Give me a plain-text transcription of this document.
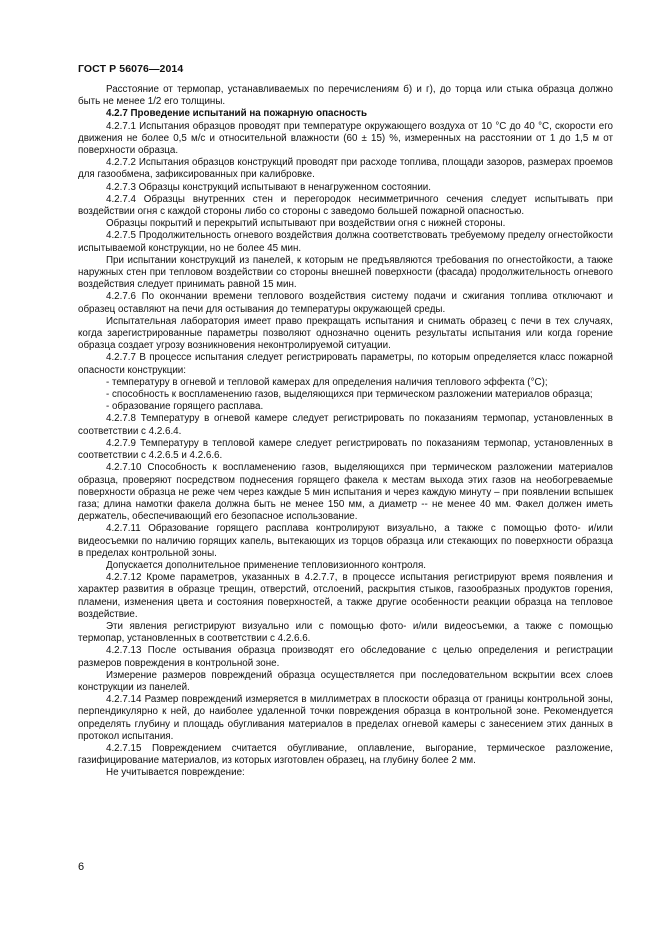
ГОСТ Р 56076—2014

Расстояние от термопар, устанавливаемых по перечислениям б) и г), до торца или стыка образца должно быть не менее 1/2 его толщины.

4.2.7 Проведение испытаний на пожарную опасность

4.2.7.1 Испытания образцов проводят при температуре окружающего воздуха от 10 °С до 40 °С, скорости его движения не более 0,5 м/с и относительной влажности (60 ± 15) %, измеренных на расстоянии от 1 до 1,5 м от поверхности образца.

4.2.7.2 Испытания образцов конструкций проводят при расходе топлива, площади зазоров, размерах проемов для газообмена, зафиксированных при калибровке.

4.2.7.3 Образцы конструкций испытывают в ненагруженном состоянии.

4.2.7.4 Образцы внутренних стен и перегородок несимметричного сечения следует испытывать при воздействии огня с каждой стороны либо со стороны с заведомо большей пожарной опасностью.

Образцы покрытий и перекрытий испытывают при воздействии огня с нижней стороны.

4.2.7.5 Продолжительность огневого воздействия должна соответствовать требуемому пределу огнестойкости испытываемой конструкции, но не более 45 мин.

При испытании конструкций из панелей, к которым не предъявляются требования по огнестойкости, а также наружных стен при тепловом воздействии со стороны внешней поверхности (фасада) продолжительность огневого воздействия следует принимать равной 15 мин.

4.2.7.6 По окончании времени теплового воздействия систему подачи и сжигания топлива отключают и образец оставляют на печи для остывания до температуры окружающей среды.

Испытательная лаборатория имеет право прекращать испытания и снимать образец с печи в тех случаях, когда зарегистрированные параметры позволяют однозначно оценить результаты испытания или когда горение образца создает угрозу возникновения неконтролируемой ситуации.

4.2.7.7 В процессе испытания следует регистрировать параметры, по которым определяется класс пожарной опасности конструкции:

- температуру в огневой и тепловой камерах для определения наличия теплового эффекта (°С);

- способность к воспламенению газов, выделяющихся при термическом разложении материалов образца;

- образование горящего расплава.

4.2.7.8 Температуру в огневой камере следует регистрировать по показаниям термопар, установленных в соответствии с 4.2.6.4.

4.2.7.9 Температуру в тепловой камере следует регистрировать по показаниям термопар, установленных в соответствии с 4.2.6.5 и 4.2.6.6.

4.2.7.10 Способность к воспламенению газов, выделяющихся при термическом разложении материалов образца, проверяют посредством поднесения горящего факела к местам выхода этих газов на необогреваемые поверхности образца не реже чем через каждые 5 мин испытания и через каждую минуту – при появлении вспышек газа; длина намотки факела должна быть не менее 150 мм, а диаметр -- не менее 40 мм. Факел должен иметь держатель, обеспечивающий его безопасное использование.

4.2.7.11 Образование горящего расплава контролируют визуально, а также с помощью фото- и/или видеосъемки по наличию горящих капель, вытекающих из торцов образца или стекающих по поверхности образца в пределах контрольной зоны.

Допускается дополнительное применение тепловизионного контроля.

4.2.7.12 Кроме параметров, указанных в 4.2.7.7, в процессе испытания регистрируют время появления и характер развития в образце трещин, отверстий, отслоений, раскрытия стыков, газообразных продуктов горения, пламени, изменения цвета и состояния поверхностей, а также другие особенности реакции образца на тепловое воздействие.

Эти явления регистрируют визуально или с помощью фото- и/или видеосъемки, а также с помощью термопар, установленных в соответствии с 4.2.6.6.

4.2.7.13 После остывания образца производят его обследование с целью определения и регистрации размеров повреждения в контрольной зоне.

Измерение размеров повреждений образца осуществляется при последовательном вскрытии всех слоев конструкции из панелей.

4.2.7.14 Размер повреждений измеряется в миллиметрах в плоскости образца от границы контрольной зоны, перпендикулярно к ней, до наиболее удаленной точки повреждения образца в контрольной зоне. Рекомендуется определять глубину и площадь обугливания материалов в пределах огневой камеры с занесением этих данных в протокол испытания.

4.2.7.15 Повреждением считается обугливание, оплавление, выгорание, термическое разложение, газифицирование материалов, из которых изготовлен образец, на глубину более 2 мм.

Не учитывается повреждение:

6
